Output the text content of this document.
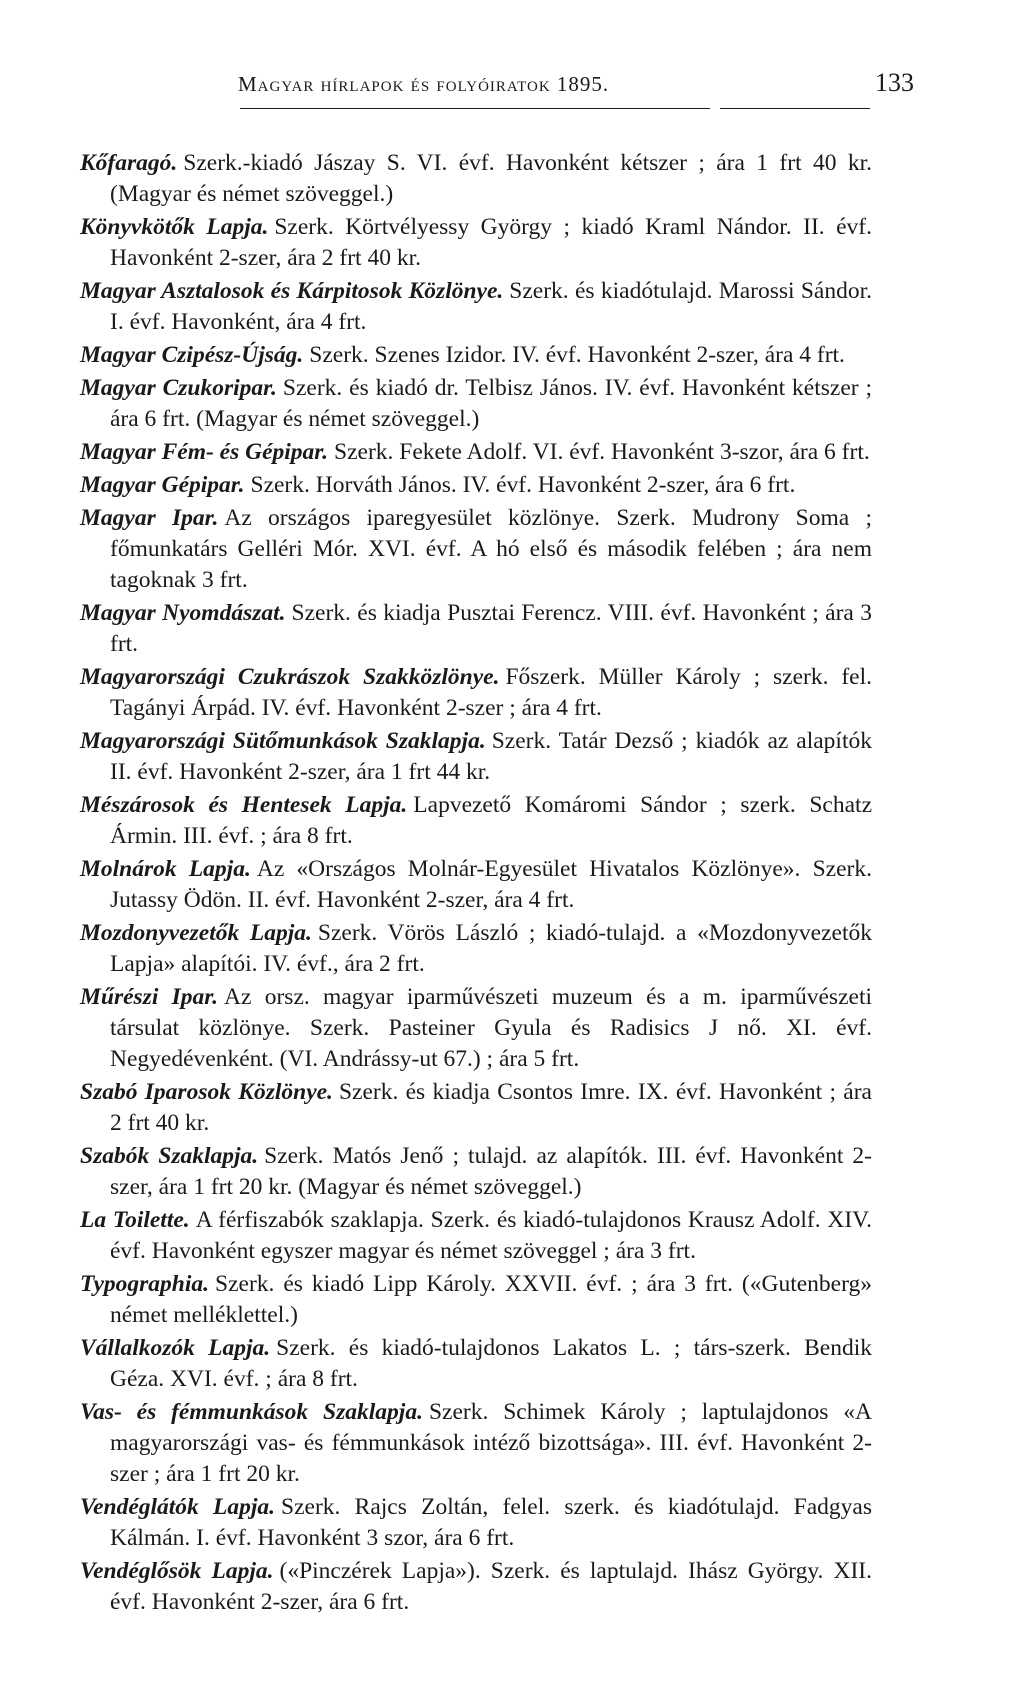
Magyar hírlapok és folyóiratok 1895.	133

Kőfaragó. Szerk.-kiadó Jászay S. VI. évf. Havonként kétszer ; ára 1 frt 40 kr. (Magyar és német szöveggel.)

Könyvkötők Lapja. Szerk. Körtvélyessy György ; kiadó Kraml Nándor. II. évf. Havonként 2-szer, ára 2 frt 40 kr.

Magyar Asztalosok és Kárpitosok Közlönye. Szerk. és kiadótulajd. Marossi Sándor. I. évf. Havonként, ára 4 frt.

Magyar Czipész-Újság. Szerk. Szenes Izidor. IV. évf. Havonként 2-szer, ára 4 frt.

Magyar Czukoripar. Szerk. és kiadó dr. Telbisz János. IV. évf. Havonként kétszer ; ára 6 frt. (Magyar és német szöveggel.)

Magyar Fém- és Gépipar. Szerk. Fekete Adolf. VI. évf. Havonként 3-szor, ára 6 frt.

Magyar Gépipar. Szerk. Horváth János. IV. évf. Havonként 2-szer, ára 6 frt.

Magyar Ipar. Az országos iparegyesület közlönye. Szerk. Mudrony Soma ; főmunkatárs Gelléri Mór. XVI. évf. A hó első és második felében ; ára nem tagoknak 3 frt.

Magyar Nyomdászat. Szerk. és kiadja Pusztai Ferencz. VIII. évf. Havonként ; ára 3 frt.

Magyarországi Czukrászok Szakközlönye. Főszerk. Müller Károly ; szerk. fel. Tagányi Árpád. IV. évf. Havonként 2-szer ; ára 4 frt.

Magyarországi Sütőmunkások Szaklapja. Szerk. Tatár Dezső ; kiadók az alapítók II. évf. Havonként 2-szer, ára 1 frt 44 kr.

Mészárosok és Hentesek Lapja. Lapvezető Komáromi Sándor ; szerk. Schatz Ármin. III. évf. ; ára 8 frt.

Molnárok Lapja. Az «Országos Molnár-Egyesület Hivatalos Közlönye». Szerk. Jutassy Ödön. II. évf. Havonként 2-szer, ára 4 frt.

Mozdonyvezetők Lapja. Szerk. Vörös László ; kiadó-tulajd. a «Mozdonyvezetők Lapja» alapítói. IV. évf., ára 2 frt.

Műrészi Ipar. Az orsz. magyar iparművészeti muzeum és a m. iparművészeti társulat közlönye. Szerk. Pasteiner Gyula és Radisics J nő. XI. évf. Negyedévenként. (VI. Andrássy-ut 67.) ; ára 5 frt.

Szabó Iparosok Közlönye. Szerk. és kiadja Csontos Imre. IX. évf. Havonként ; ára 2 frt 40 kr.

Szabók Szaklapja. Szerk. Matós Jenő ; tulajd. az alapítók. III. évf. Havonként 2-szer, ára 1 frt 20 kr. (Magyar és német szöveggel.)

La Toilette. A férfiszabók szaklapja. Szerk. és kiadó-tulajdonos Krausz Adolf. XIV. évf. Havonként egyszer magyar és német szöveggel ; ára 3 frt.

Typographia. Szerk. és kiadó Lipp Károly. XXVII. évf. ; ára 3 frt. («Gutenberg» német melléklettel.)

Vállalkozók Lapja. Szerk. és kiadó-tulajdonos Lakatos L. ; társ-szerk. Bendik Géza. XVI. évf. ; ára 8 frt.

Vas- és fémmunkások Szaklapja. Szerk. Schimek Károly ; laptulajdonos «A magyarországi vas- és fémmunkások intéző bizottsága». III. évf. Havonként 2-szer ; ára 1 frt 20 kr.

Vendéglátók Lapja. Szerk. Rajcs Zoltán, felel. szerk. és kiadótulajd. Fadgyas Kálmán. I. évf. Havonként 3 szor, ára 6 frt.

Vendéglősök Lapja. («Pinczérek Lapja»). Szerk. és laptulajd. Ihász György. XII. évf. Havonként 2-szer, ára 6 frt.
